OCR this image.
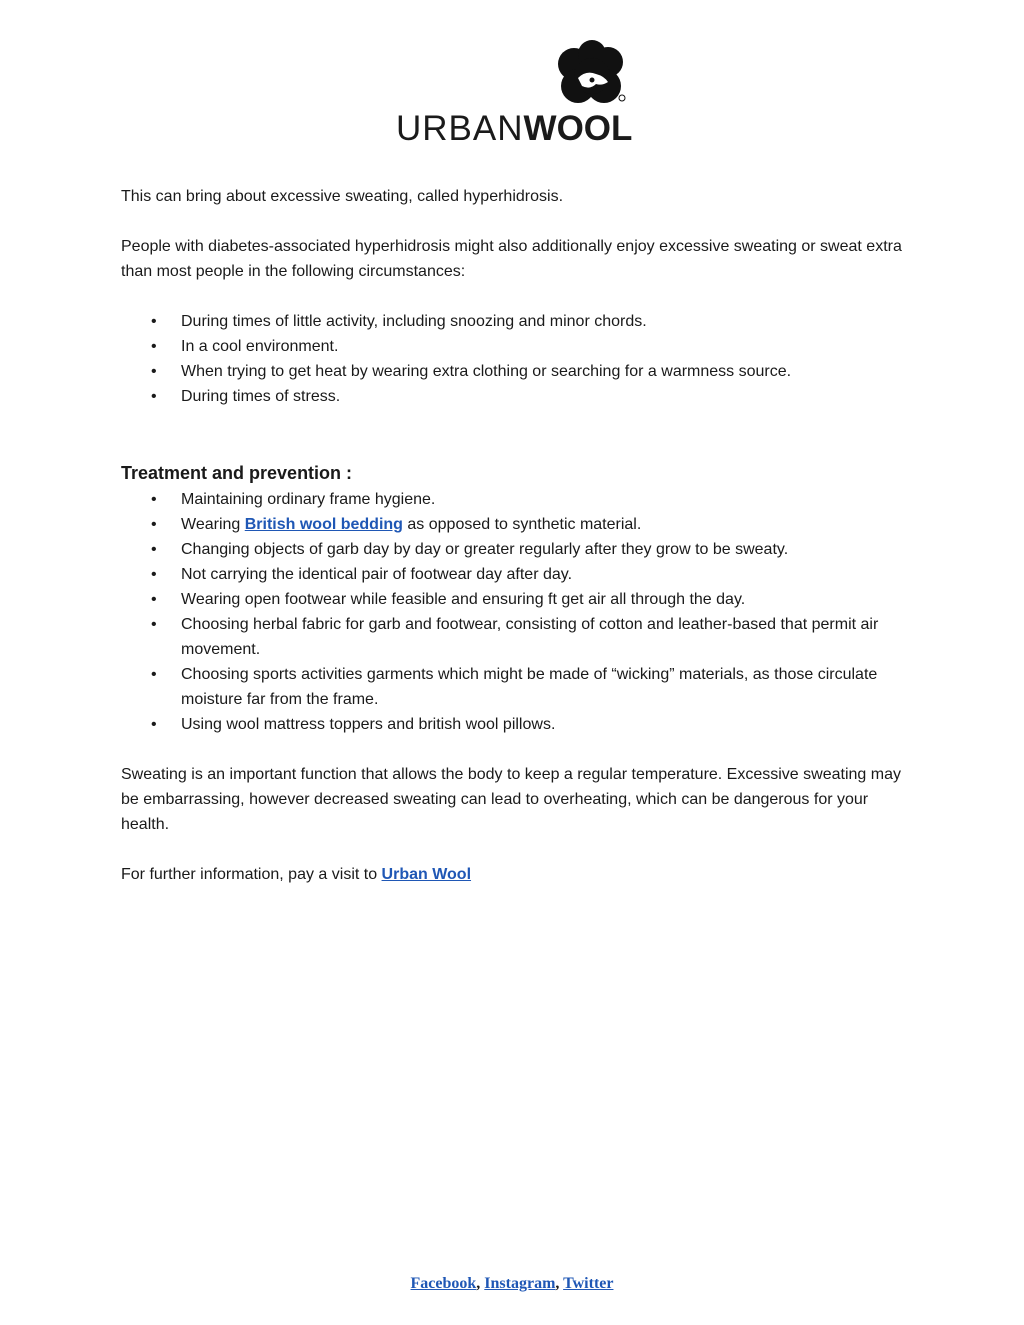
URBANWOOL

This can bring about excessive sweating, called hyperhidrosis.

People with diabetes-associated hyperhidrosis might also additionally enjoy excessive sweating or sweat extra than most people in the following circumstances:

• During times of little activity, including snoozing and minor chords.
• In a cool environment.
• When trying to get heat by wearing extra clothing or searching for a warmness source.
• During times of stress.

Treatment and prevention :

• Maintaining ordinary frame hygiene.
• Wearing British wool bedding as opposed to synthetic material.
• Changing objects of garb day by day or greater regularly after they grow to be sweaty.
• Not carrying the identical pair of footwear day after day.
• Wearing open footwear while feasible and ensuring ft get air all through the day.
• Choosing herbal fabric for garb and footwear, consisting of cotton and leather-based that permit air movement.
• Choosing sports activities garments which might be made of “wicking” materials, as those circulate moisture far from the frame.
• Using wool mattress toppers and british wool pillows.

Sweating is an important function that allows the body to keep a regular temperature. Excessive sweating may be embarrassing, however decreased sweating can lead to overheating, which can be dangerous for your health.

For further information, pay a visit to Urban Wool

Facebook, Instagram, Twitter
